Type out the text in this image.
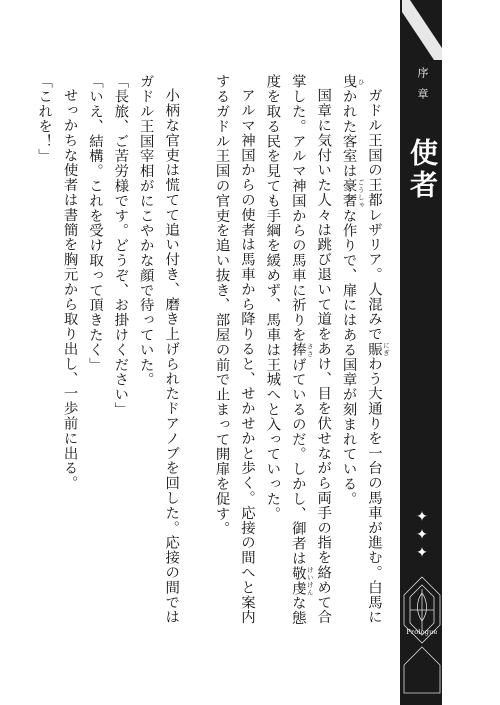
序章
使者
✦
✦
✦
Prologue

ガドル王国の王都レザリア。人混みで賑 にぎわう大通りを一台の馬車が進む。白馬に曳 ひかれた客室は豪 ごう奢 しゃな作りで、扉にはある国章が刻まれている。

国章に気付いた人々は跳び退いて道をあけ、目を伏せながら両手の指を絡めて合掌した。アルマ神国からの馬車に祈りを捧 ささげているのだ。しかし、御者は敬 けい虔 けんな態度を取る民を見ても手綱を緩めず、馬車は王城へと入っていった。

アルマ神国からの使者は馬車から降りると、せかせかと歩く。応接の間へと案内するガドル王国の官吏を追い抜き、部屋の前で止まって開扉を促す。

小柄な官吏は慌てて追い付き、磨き上げられたドアノブを回した。応接の間ではガドル王国宰相がにこやかな顔で待っていた。

「長旅、ご苦労様です。どうぞ、お掛けください」

「いえ、結構。これを受け取って頂きたく」

せっかちな使者は書簡を胸元から取り出し、一歩前に出る。

「これを！」
